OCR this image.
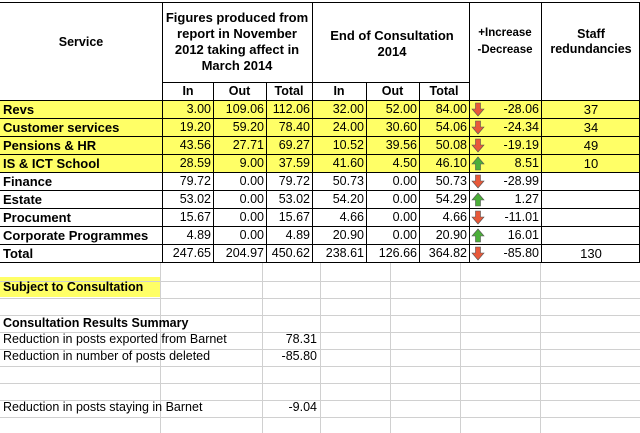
Service
Figures produced from report in November 2012 taking affect in March 2014
End of Consultation 2014
+Increase
-Decrease
Staff redundancies
In	Out	Total	In	Out	Total
Revs	3.00	109.06 112.06	32.00	52.00	84.00	-28.06	37
Customer services	19.20	59.20	78.40	24.00	30.60	54.06	-24.34	34
Pensions & HR	43.56	27.71	69.27	10.52	39.56	50.08	-19.19	49
IS & ICT School	28.59	9.00	37.59	41.60	4.50	46.10	8.51	10
Finance	79.72	0.00	79.72	50.73	0.00	50.73	-28.99
Estate	53.02	0.00	53.02	54.20	0.00	54.29	1.27
Procument	15.67	0.00	15.67	4.66	0.00	4.66	-11.01
Corporate Programmes	4.89	0.00	4.89	20.90	0.00	20.90	16.01
Total	247.65	204.97 450.62	238.61	126.66 364.82	-85.80	130
Subject to Consultation
Consultation Results Summary
Reduction in posts exported from Barnet	78.31
Reduction in number of posts deleted	-85.80
Reduction in posts staying in Barnet	-9.04
